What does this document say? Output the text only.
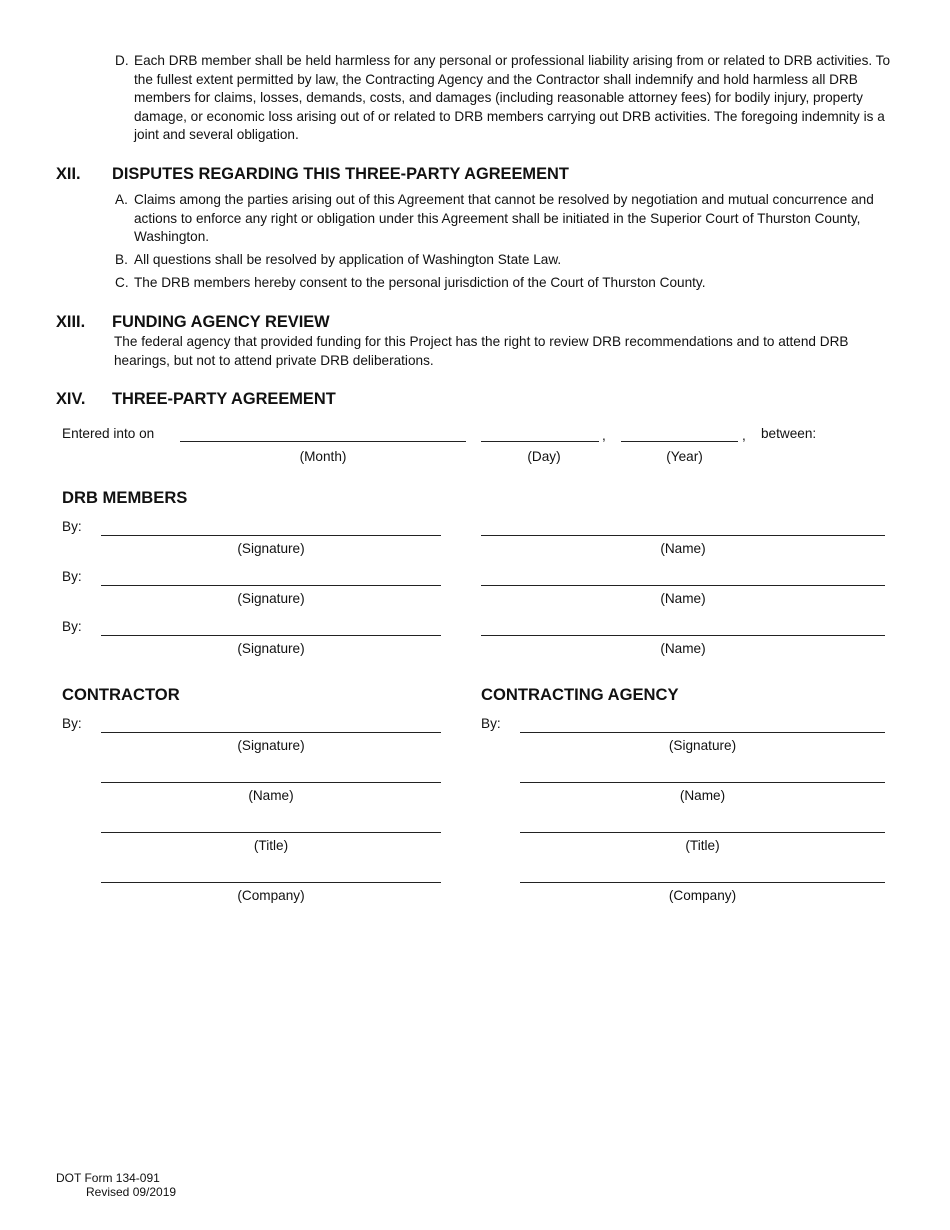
D. Each DRB member shall be held harmless for any personal or professional liability arising from or related to DRB activities. To the fullest extent permitted by law, the Contracting Agency and the Contractor shall indemnify and hold harmless all DRB members for claims, losses, demands, costs, and damages (including reasonable attorney fees) for bodily injury, property damage, or economic loss arising out of or related to DRB members carrying out DRB activities. The foregoing indemnity is a joint and several obligation.
XII. DISPUTES REGARDING THIS THREE-PARTY AGREEMENT
A. Claims among the parties arising out of this Agreement that cannot be resolved by negotiation and mutual concurrence and actions to enforce any right or obligation under this Agreement shall be initiated in the Superior Court of Thurston County, Washington.
B. All questions shall be resolved by application of Washington State Law.
C. The DRB members hereby consent to the personal jurisdiction of the Court of Thurston County.
XIII. FUNDING AGENCY REVIEW
The federal agency that provided funding for this Project has the right to review DRB recommendations and to attend DRB hearings, but not to attend private DRB deliberations.
XIV. THREE-PARTY AGREEMENT
Entered into on	,	, between:
(Month)	(Day)	(Year)
DRB MEMBERS
By:
(Signature)	(Name)
By:
(Signature)	(Name)
By:
(Signature)	(Name)
CONTRACTOR
By:
(Signature)
(Name)
(Title)
(Company)
CONTRACTING AGENCY
By:
(Signature)
(Name)
(Title)
(Company)
DOT Form 134-091
Revised 09/2019
